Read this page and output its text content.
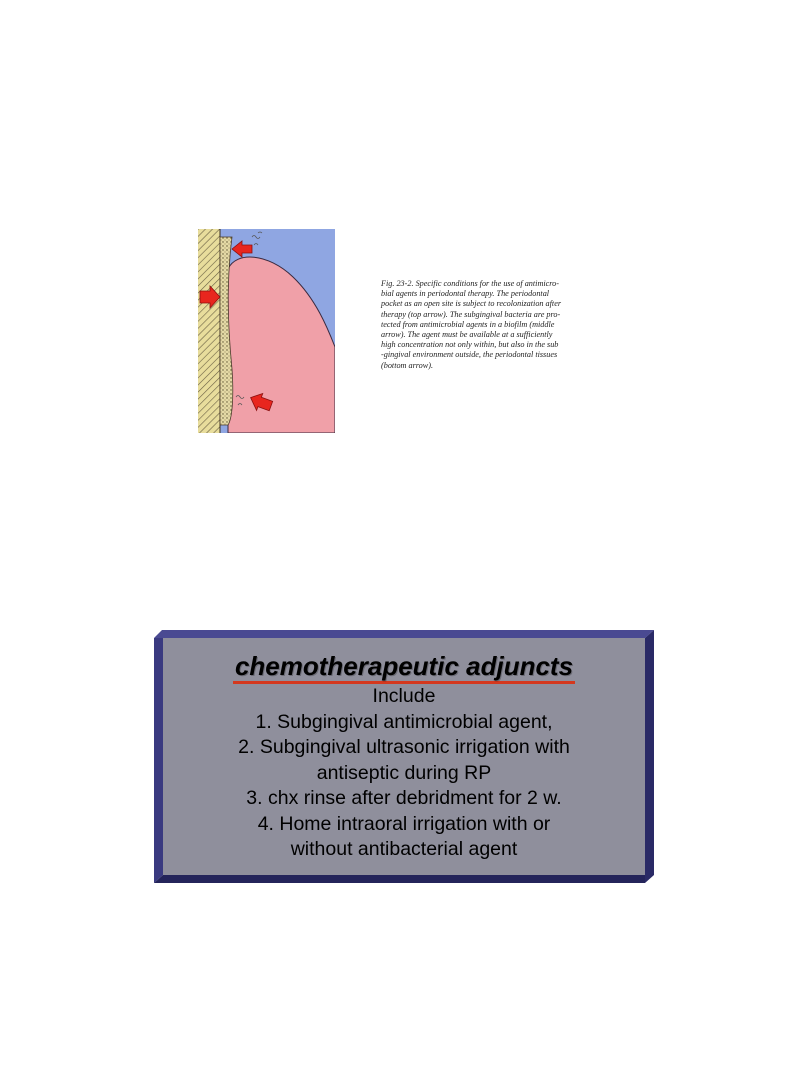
Fig. 23-2. Specific conditions for the use of antimicro-
bial agents in periodontal therapy. The periodontal
pocket as an open site is subject to recolonization after
therapy (top arrow). The subgingival bacteria are pro-
tected from antimicrobial agents in a biofilm (middle
arrow). The agent must be available at a sufficiently
high concentration not only within, but also in the sub
-gingival environment outside, the periodontal tissues
(bottom arrow).
chemotherapeutic adjuncts
Include
1. Subgingival antimicrobial agent,
2. Subgingival ultrasonic irrigation with
antiseptic during RP
3. chx rinse after debridment for 2 w.
4. Home intraoral irrigation with or
without antibacterial agent
